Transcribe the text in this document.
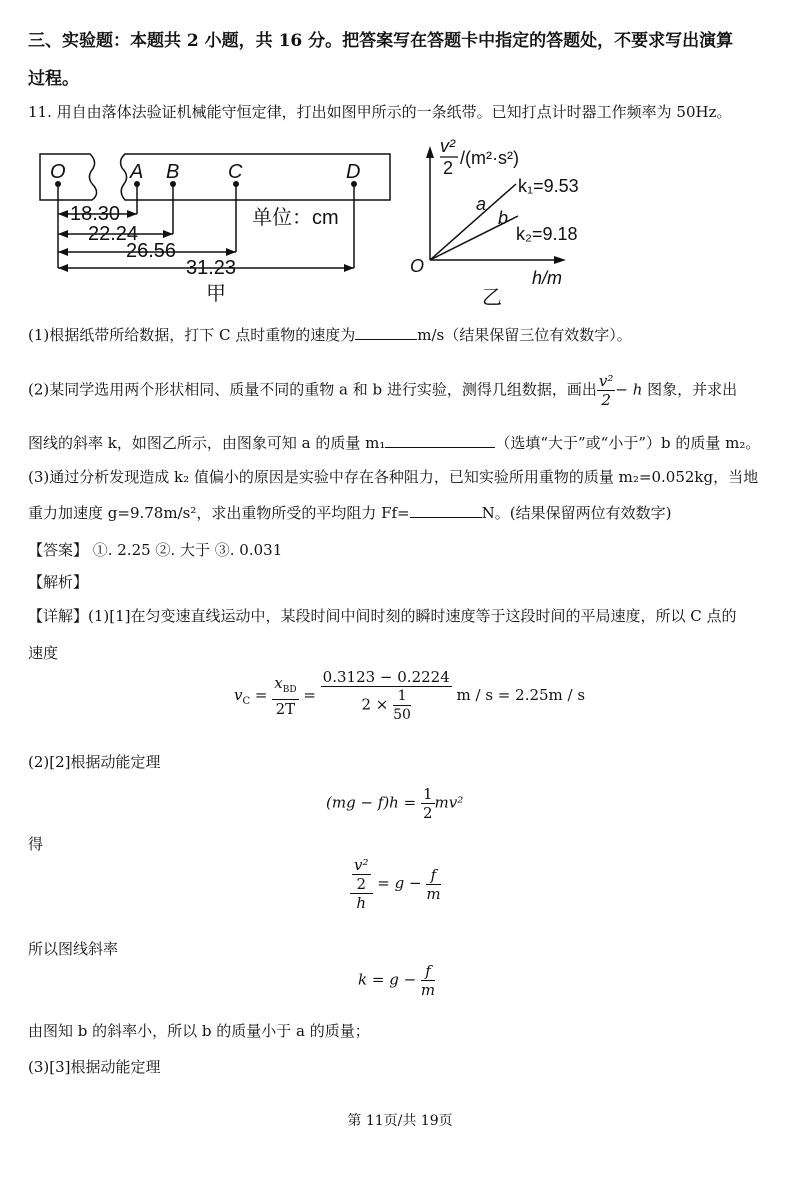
三、实验题：本题共 2 小题，共 16 分。把答案写在答题卡中指定的答题处，不要求写出演算
过程。
11. 用自由落体法验证机械能守恒定律，打出如图甲所示的一条纸带。已知打点计时器工作频率为 50Hz。
O	A B C	D
18.30
22.24
26.56
31.23
单位：cm
甲
v²
2 /(m²·s²)
O
h/m
a
b
k₁=9.53
k₂=9.18
乙
(1)根据纸带所给数据，打下 C 点时重物的速度为	m/s（结果保留三位有效数字）。
(2)某同学选用两个形状相同、质量不同的重物 a 和 b 进行实验，测得几组数据，画出 $\frac{\text{v²}}{2} - h$ 图象，并求出
图线的斜率 k，如图乙所示，由图象可知 a 的质量 m₁	（选填“大于”或“小于”）b 的质量 m₂。
(3)通过分析发现造成 k₂ 值偏小的原因是实验中存在各种阻力，已知实验所用重物的质量 m₂=0.052kg，当地
重力加速度 g=9.78m/s²，求出重物所受的平均阻力 Ff=	N。(结果保留两位有效数字)
【答案】 ①. 2.25 ②. 大于 ③. 0.031
【解析】
【详解】(1)[1]在匀变速直线运动中，某段时间中间时刻的瞬时速度等于这段时间的平局速度，所以 C 点的
速度
$v_C = \frac{x_{BD}}{2T} = \frac{0.3123 - 0.2224}{2 \times \frac{1}{50}}$ m / s = 2.25m / s
(2)[2]根据动能定理
$(mg - f)h = \frac{1}{2} mv^2$
得
$\frac{\frac{\text{v²}}{2}}{h} = g - \frac{f}{m}$
所以图线斜率
$k = g - \frac{f}{m}$
由图知 b 的斜率小，所以 b 的质量小于 a 的质量；
(3)[3]根据动能定理
第 11页/共 19页
